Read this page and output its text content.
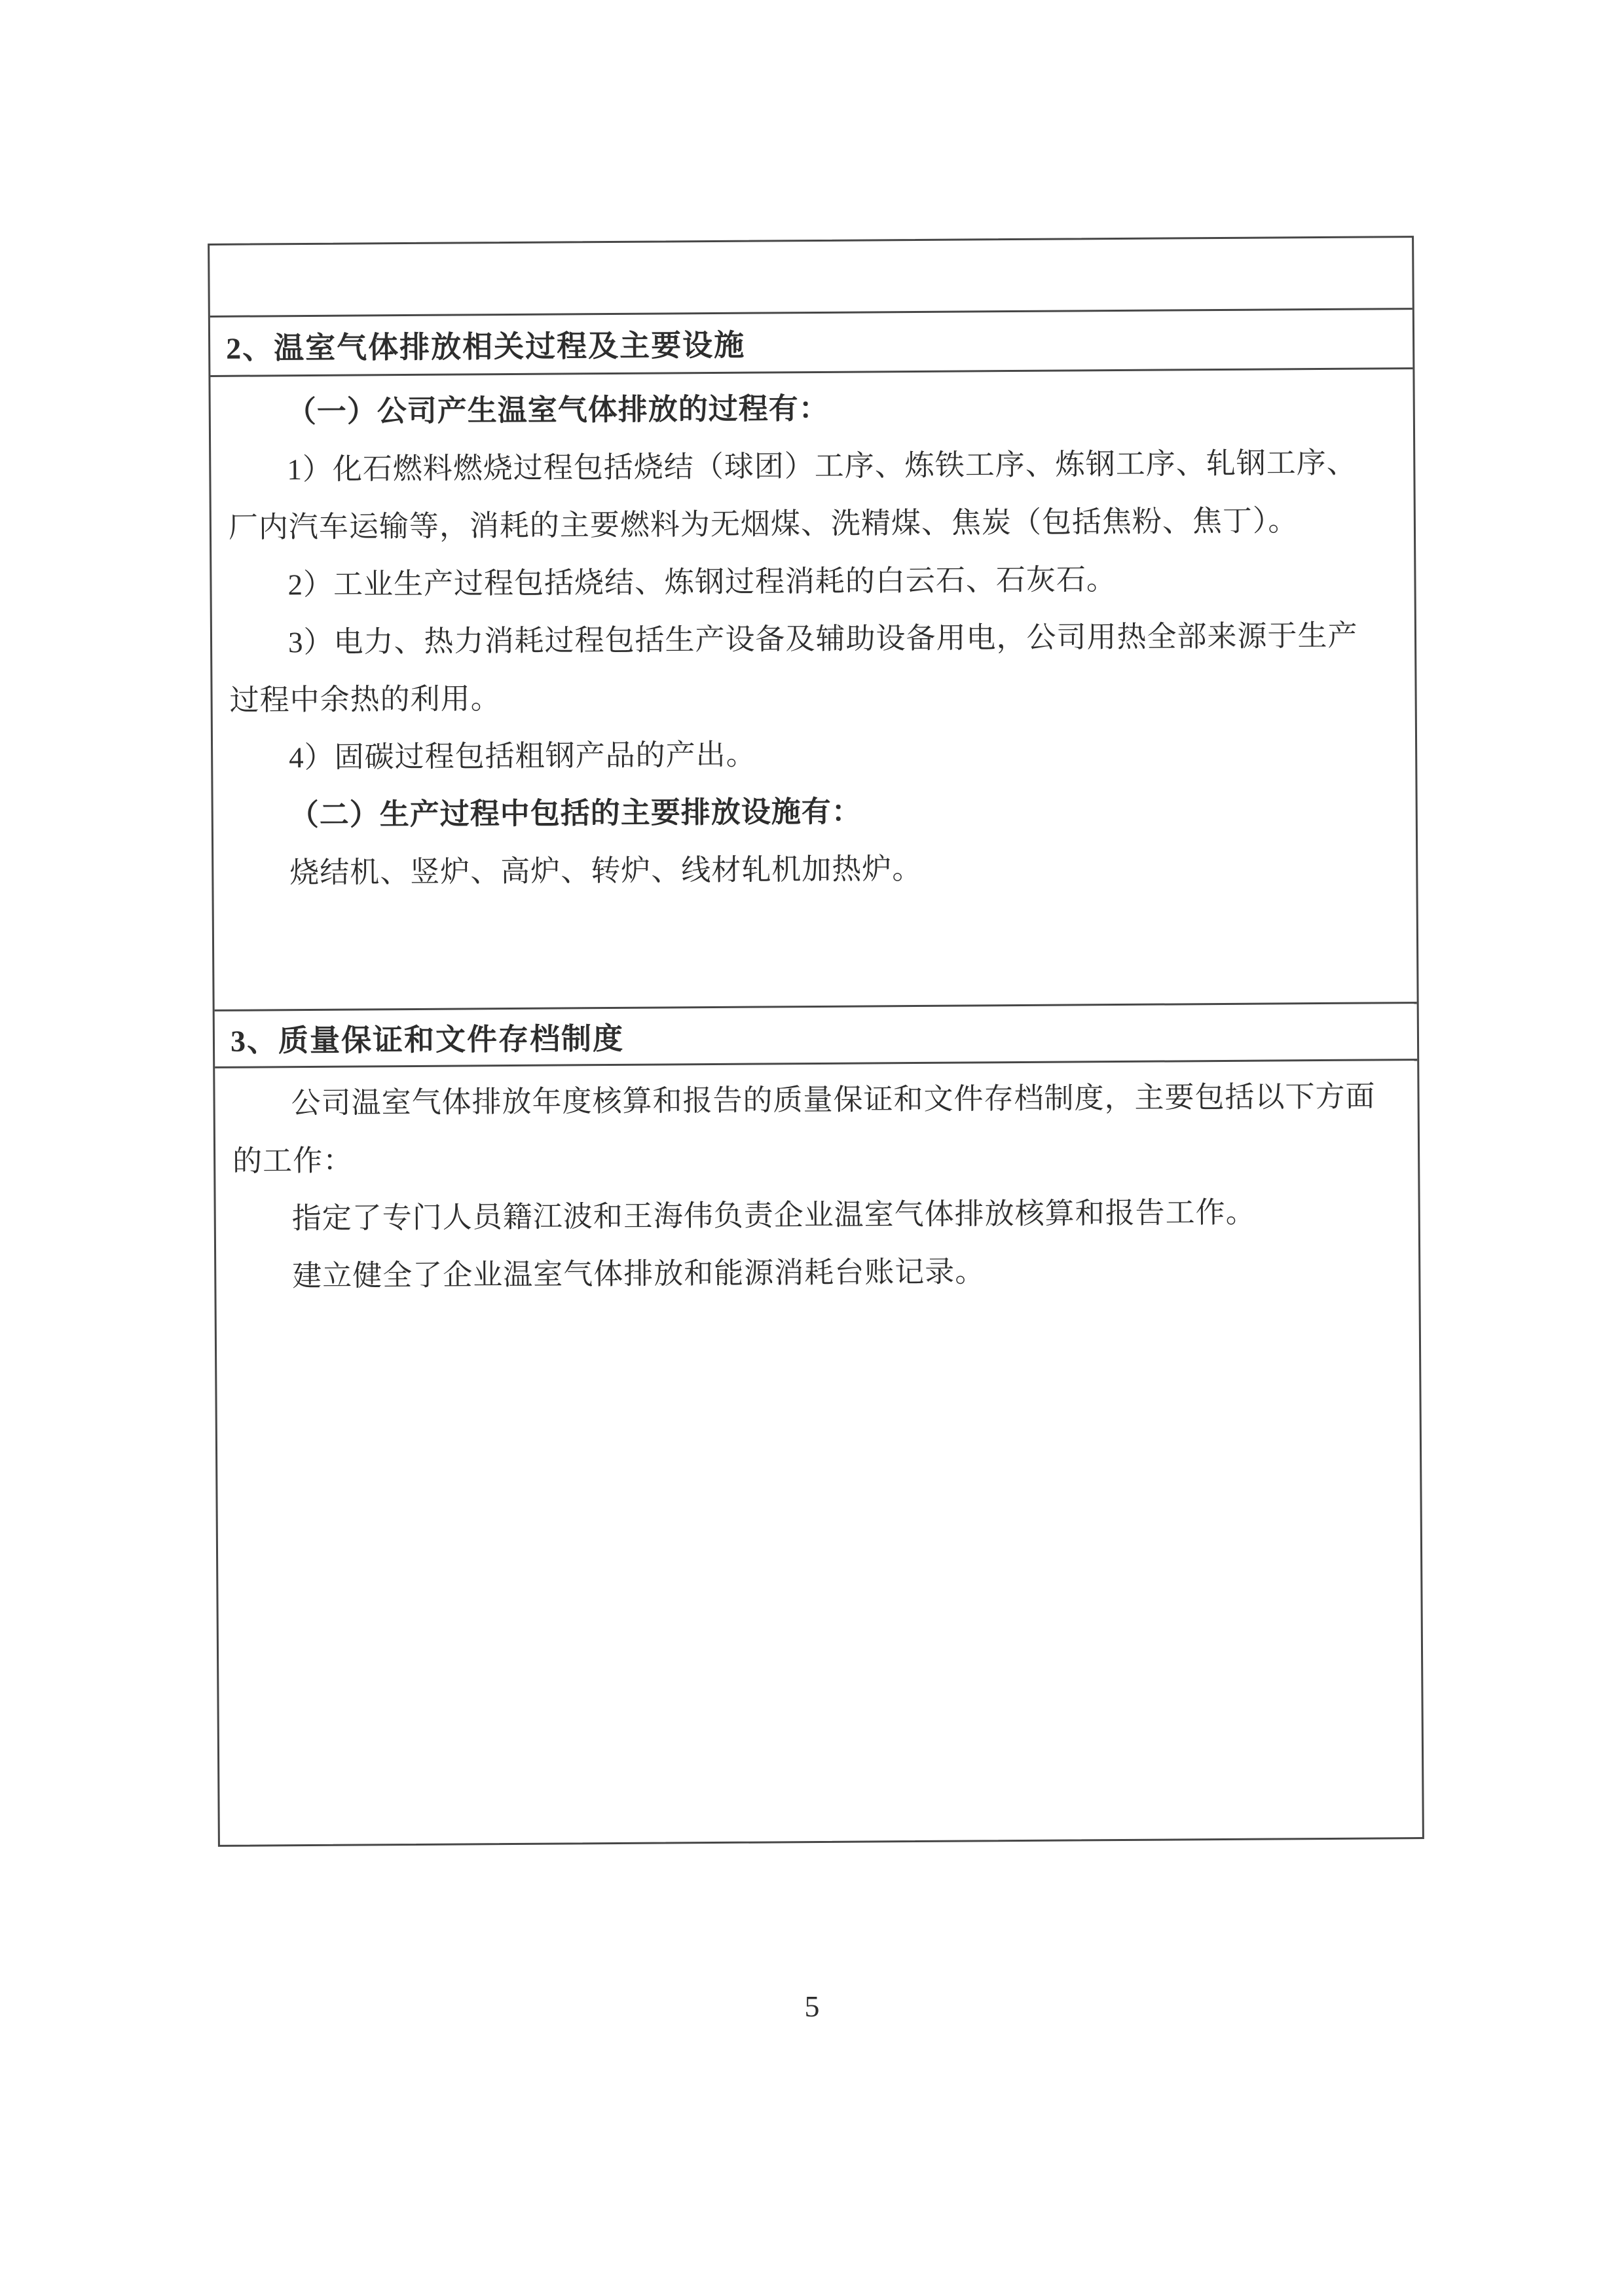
2、温室气体排放相关过程及主要设施
（一）公司产生温室气体排放的过程有：
1）化石燃料燃烧过程包括烧结（球团）工序、炼铁工序、炼钢工序、轧钢工序、
厂内汽车运输等，消耗的主要燃料为无烟煤、洗精煤、焦炭（包括焦粉、焦丁）。
2）工业生产过程包括烧结、炼钢过程消耗的白云石、石灰石。
3）电力、热力消耗过程包括生产设备及辅助设备用电，公司用热全部来源于生产
过程中余热的利用。
4）固碳过程包括粗钢产品的产出。
（二）生产过程中包括的主要排放设施有：
烧结机、竖炉、高炉、转炉、线材轧机加热炉。
3、质量保证和文件存档制度
公司温室气体排放年度核算和报告的质量保证和文件存档制度，主要包括以下方面
的工作：
指定了专门人员籍江波和王海伟负责企业温室气体排放核算和报告工作。
建立健全了企业温室气体排放和能源消耗台账记录。
5
